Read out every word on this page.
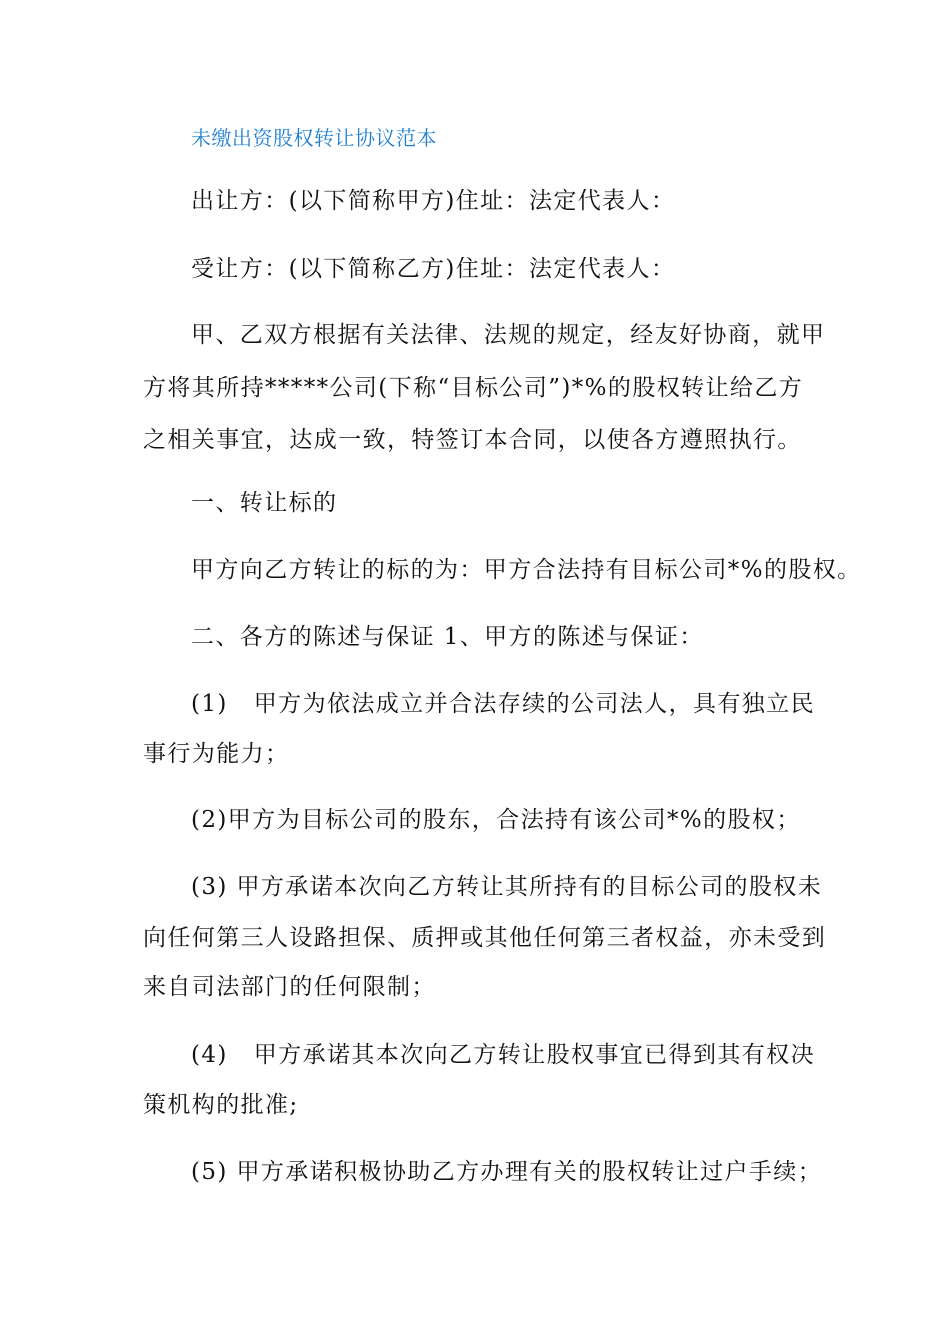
未缴出资股权转让协议范本
出让方：(以下简称甲方)住址：法定代表人：
受让方：(以下简称乙方)住址：法定代表人：
甲、乙双方根据有关法律、法规的规定，经友好协商，就甲
方将其所持*****公司(下称“目标公司”)*%的股权转让给乙方
之相关事宜，达成一致，特签订本合同，以使各方遵照执行。
一、转让标的
甲方向乙方转让的标的为：甲方合法持有目标公司*%的股权。
二、各方的陈述与保证 1、甲方的陈述与保证：
(1) 甲方为依法成立并合法存续的公司法人，具有独立民
事行为能力；
(2)甲方为目标公司的股东，合法持有该公司*%的股权；
(3) 甲方承诺本次向乙方转让其所持有的目标公司的股权未
向任何第三人设路担保、质押或其他任何第三者权益，亦未受到
来自司法部门的任何限制；
(4) 甲方承诺其本次向乙方转让股权事宜已得到其有权决
策机构的批准;
(5) 甲方承诺积极协助乙方办理有关的股权转让过户手续；
